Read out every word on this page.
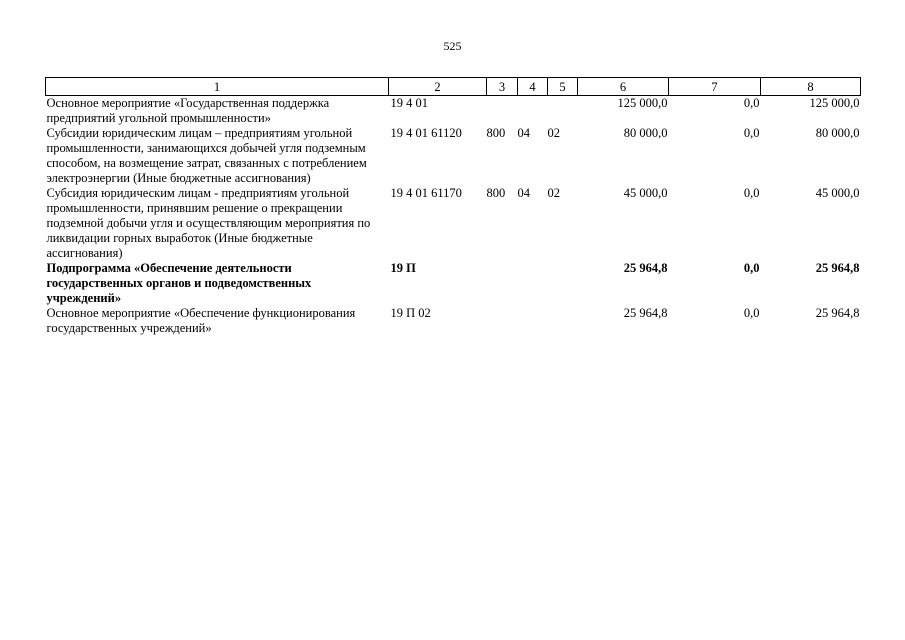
525
1	2	3	4	5	6	7	8
Основное мероприятие «Государственная поддержка предприятий угольной промышленности»	19 4 01				125 000,0	0,0	125 000,0
Субсидии юридическим лицам – предприятиям угольной промышленности, занимающихся добычей угля подземным способом, на возмещение затрат, связанных с потреблением электроэнергии (Иные бюджетные ассигнования)	19 4 01 61120	800	04	02	80 000,0	0,0	80 000,0
Субсидия юридическим лицам - предприятиям угольной промышленности, принявшим решение о прекращении подземной добычи угля и осуществляющим мероприятия по ликвидации горных выработок (Иные бюджетные ассигнования)	19 4 01 61170	800	04	02	45 000,0	0,0	45 000,0
Подпрограмма «Обеспечение деятельности государственных органов и подведомственных учреждений»	19 П				25 964,8	0,0	25 964,8
Основное мероприятие «Обеспечение функционирования государственных учреждений»	19 П 02				25 964,8	0,0	25 964,8
